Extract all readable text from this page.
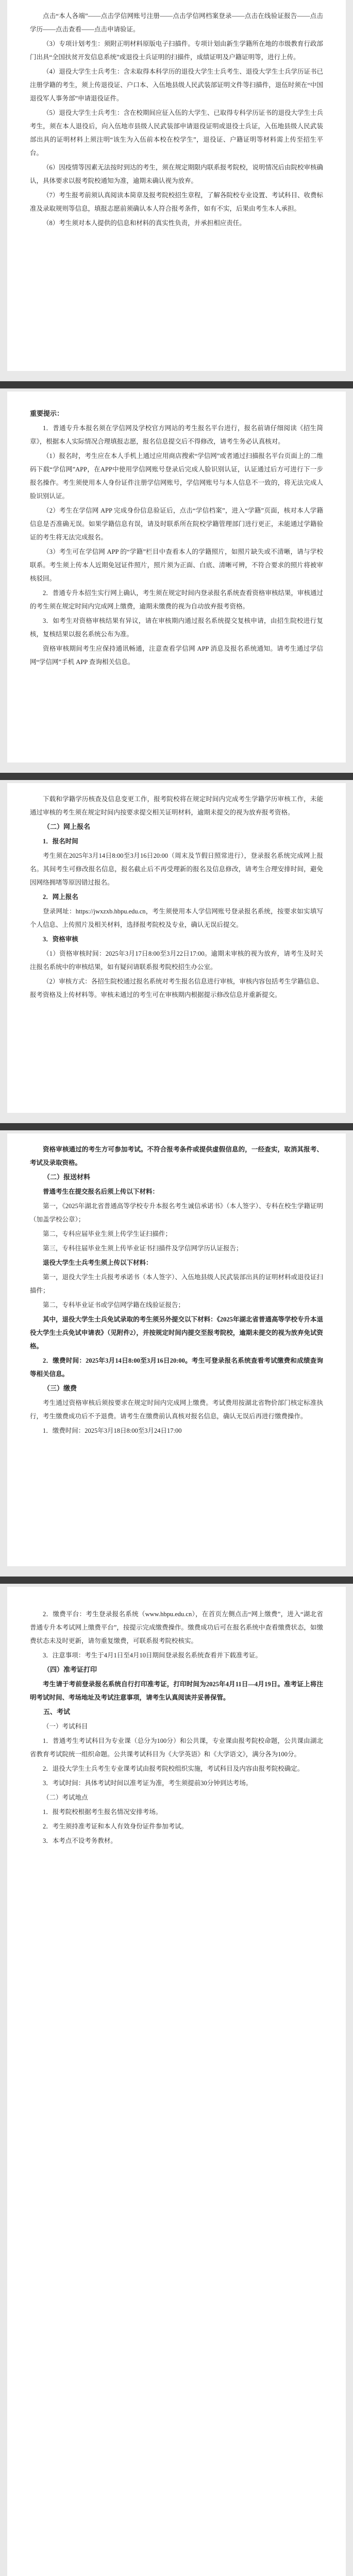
点击“本人各端”——点击学信网账号注册——点击学信网档案登录——点击在线验证报告——点击学历——点击查看——点击申请验证。

（3）专项计划考生：须附正明材料原版电子扫描件。专项计划由新生学籍所在地的市级教育行政部门出具“全国扶贫开发信息系统”或退役士兵证明的扫描件，成绩证明及户籍证明等，进行上传。

（4）退役大学生士兵考生：含未取得本科学历的退役大学生士兵考生、退役大学生士兵学历证书已注册学籍的考生，须上传退役证、户口本、入伍地县级人民武装部证明文件等扫描件，退伍时须在“中国退役军人事务部”申请退役证件。

（5）退役大学生士兵考生：含在校期间应征入伍的大学生、已取得专科学历证书的退役大学生士兵考生，须在本人退役后，向入伍地市县级人民武装部申请退役证明或退役士兵证，入伍地县级人民武装部出具的证明材料上须注明“该生为入伍前本校在校学生”，退役证、户籍证明等材料需上传至招生平台。

（6）因疫情等因素无法按时到达的考生，须在规定期限内联系报考院校，说明情况后由院校审核确认，具体要求以报考院校通知为准，逾期未确认视为放弃。

（7）考生报考前须认真阅读本简章及报考院校招生章程，了解各院校专业设置、考试科目、收费标准及录取规则等信息，填报志愿前须确认本人符合报考条件，如有不实，后果由考生本人承担。

（8）考生须对本人提供的信息和材料的真实性负责，并承担相应责任。

重要提示：

1．普通专升本报名须在学信网及学校官方网站的考生报名平台进行，报名前请仔细阅读《招生简章》，根据本人实际情况合理填报志愿，报名信息提交后不得修改，请考生务必认真核对。

（1）报名时，考生应在本人手机上通过应用商店搜索“学信网”或者通过扫描报名平台页面上的二维码下载“学信网”APP，在APP中使用学信网账号登录后完成人脸识别认证，认证通过后方可进行下一步报名操作。考生须使用本人身份证件注册学信网账号，学信网账号与本人信息不一致的，将无法完成人脸识别认证。

（2）考生在学信网 APP 完成身份信息验证后，点击“学信档案”，进入“学籍”页面，核对本人学籍信息是否准确无误。如果学籍信息有误，请及时联系所在院校学籍管理部门进行更正，未能通过学籍验证的考生将无法完成报名。

（3）考生可在学信网 APP 的“学籍”栏目中查看本人的学籍照片，如照片缺失或不清晰，请与学校联系。考生须上传本人近期免冠证件照片，照片须为正面、白底、清晰可辨，不符合要求的照片将被审核驳回。

2．普通专升本招生实行网上确认，考生须在规定时间内登录报名系统查看资格审核结果，审核通过的考生须在规定时间内完成网上缴费，逾期未缴费的视为自动放弃报考资格。

3．如考生对资格审核结果有异议，请在审核期内通过报名系统提交复核申请，由招生院校进行复核，复核结果以报名系统公布为准。

资格审核期间考生应保持通讯畅通，注意查看学信网 APP 消息及报名系统通知。请考生通过学信网“学信网”手机 APP 查询相关信息。

下载和学籍学历核查及信息变更工作，报考院校将在规定时间内完成考生学籍学历审核工作，未能通过审核的考生须在规定时间内按要求提交相关证明材料，逾期未提交的视为放弃报考资格。

（二）网上报名

1．报名时间

考生须在2025年3月14日8:00至3月16日20:00（周末及节假日照常进行），登录报名系统完成网上报名。其间考生可修改报名信息，报名截止后不再受理新的报名及信息修改，请考生合理安排时间，避免因网络拥堵等原因错过报名。

2．网上报名

登录网址：https://jwxzxb.hbpu.edu.cn，考生须使用本人学信网账号登录报名系统，按要求如实填写个人信息、上传照片及相关材料，选择报考院校及专业，确认无误后提交。

3．资格审核

（1）资格审核时间：2025年3月17日8:00至3月22日17:00。逾期未审核的视为放弃，请考生及时关注报名系统中的审核结果，如有疑问请联系报考院校招生办公室。

（2）审核方式：各招生院校通过报名系统对考生报名信息进行审核，审核内容包括考生学籍信息、报考资格及上传材料等。审核未通过的考生可在审核期内根据提示修改信息并重新提交。

资格审核通过的考生方可参加考试。不符合报考条件或提供虚假信息的，一经查实，取消其报考、考试及录取资格。

（二）报送材料

普通考生在提交报名后须上传以下材料：

第一，《2025年湖北省普通高等学校专升本报名考生诚信承诺书》（本人签字）、专科在校生学籍证明（加盖学校公章）；

第二，专科应届毕业生须上传学生证扫描件；

第三，专科往届毕业生须上传毕业证书扫描件及学信网学历认证报告；

退役大学生士兵考生须上传以下材料：

第一，退役大学生士兵报考承诺书（本人签字）、入伍地县级人民武装部出具的证明材料或退役证扫描件；

第二，专科毕业证书或学信网学籍在线验证报告；

其中，退役大学生士兵免试录取的考生须另外提交以下材料：《2025年湖北省普通高等学校专升本退役大学生士兵免试申请表》（见附件2），并按规定时间内提交至报考院校，逾期未提交的视为放弃免试资格。

2．缴费时间：2025年3月14日8:00至3月16日20:00。考生可登录报名系统查看考试缴费和成绩查询等相关信息。

（三）缴费

考生通过资格审核后须按要求在规定时间内完成网上缴费。考试费用按湖北省物价部门核定标准执行，考生缴费成功后不予退费。请考生在缴费前认真核对报名信息，确认无误后再进行缴费操作。

1．缴费时间：2025年3月18日8:00至3月24日17:00

2．缴费平台：考生登录报名系统（www.hbpu.edu.cn），在首页左侧点击“网上缴费”，进入“湖北省普通专升本考试网上缴费平台”，按提示完成缴费操作。缴费成功后可在报名系统中查看缴费状态，如缴费状态未及时更新，请勿重复缴费，可联系报考院校核实。

3．注意事项：考生于4月1日至4月10日期间登录报名系统查看并下载准考证。

（四）准考证打印

考生请于考前登录报名系统自行打印准考证，打印时间为2025年4月11日—4月19日。准考证上将注明考试时间、考场地址及考试注意事项，请考生认真阅读并妥善保管。

五、考试

（一）考试科目

1．普通考生考试科目为专业课（总分为100分）和公共课，专业课由报考院校命题，公共课由湖北省教育考试院统一组织命题。公共课考试科目为《大学英语》和《大学语文》，满分各为100分。

2．退役大学生士兵考生专业课考试由报考院校组织实施，考试科目及内容由报考院校确定。

3．考试时间：具体考试时间以准考证为准，考生须提前30分钟到达考场。

（二）考试地点

1．报考院校根据考生报名情况安排考场。

2．考生须持准考证和本人有效身份证件参加考试。

3．本考点不设考务教材。
